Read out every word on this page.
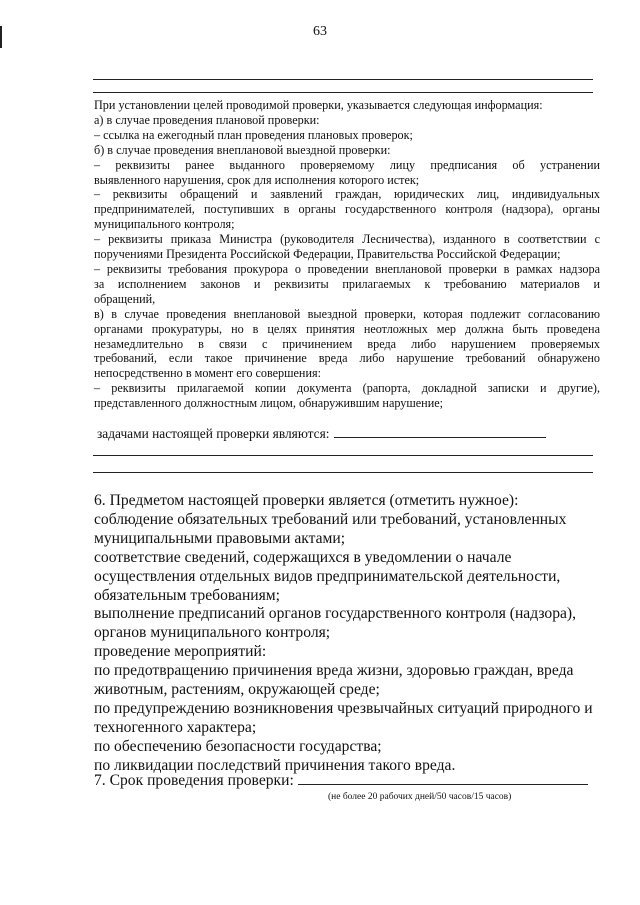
63

При установлении целей проводимой проверки, указывается следующая информация:

а) в случае проведения плановой проверки:

– ссылка на ежегодный план проведения плановых проверок;

б) в случае проведения внеплановой выездной проверки:

– реквизиты ранее выданного проверяемому лицу предписания об устранении

выявленного нарушения, срок для исполнения которого истек;

– реквизиты обращений и заявлений граждан, юридических лиц, индивидуальных

предпринимателей, поступивших в органы государственного контроля (надзора), органы

муниципального контроля;

– реквизиты приказа Министра (руководителя Лесничества), изданного в соответствии с

поручениями Президента Российской Федерации, Правительства Российской Федерации;

– реквизиты требования прокурора о проведении внеплановой проверки в рамках надзора

за исполнением законов и реквизиты прилагаемых к требованию материалов и

обращений,

в) в случае проведения внеплановой выездной проверки, которая подлежит согласованию

органами прокуратуры, но в целях принятия неотложных мер должна быть проведена

незамедлительно в связи с причинением вреда либо нарушением проверяемых

требований, если такое причинение вреда либо нарушение требований обнаружено

непосредственно в момент его совершения:

– реквизиты прилагаемой копии документа (рапорта, докладной записки и другие),

представленного должностным лицом, обнаружившим нарушение;

задачами настоящей проверки являются:

6. Предметом настоящей проверки является (отметить нужное):

соблюдение обязательных требований или требований, установленных

муниципальными правовыми актами;

соответствие сведений, содержащихся в уведомлении о начале

осуществления отдельных видов предпринимательской деятельности,

обязательным требованиям;

выполнение предписаний органов государственного контроля (надзора),

органов муниципального контроля;

проведение мероприятий:

по предотвращению причинения вреда жизни, здоровью граждан, вреда

животным, растениям, окружающей среде;

по предупреждению возникновения чрезвычайных ситуаций природного и

техногенного характера;

по обеспечению безопасности государства;

по ликвидации последствий причинения такого вреда.

7. Срок проведения проверки:
(не более 20 рабочих дней/50 часов/15 часов)
